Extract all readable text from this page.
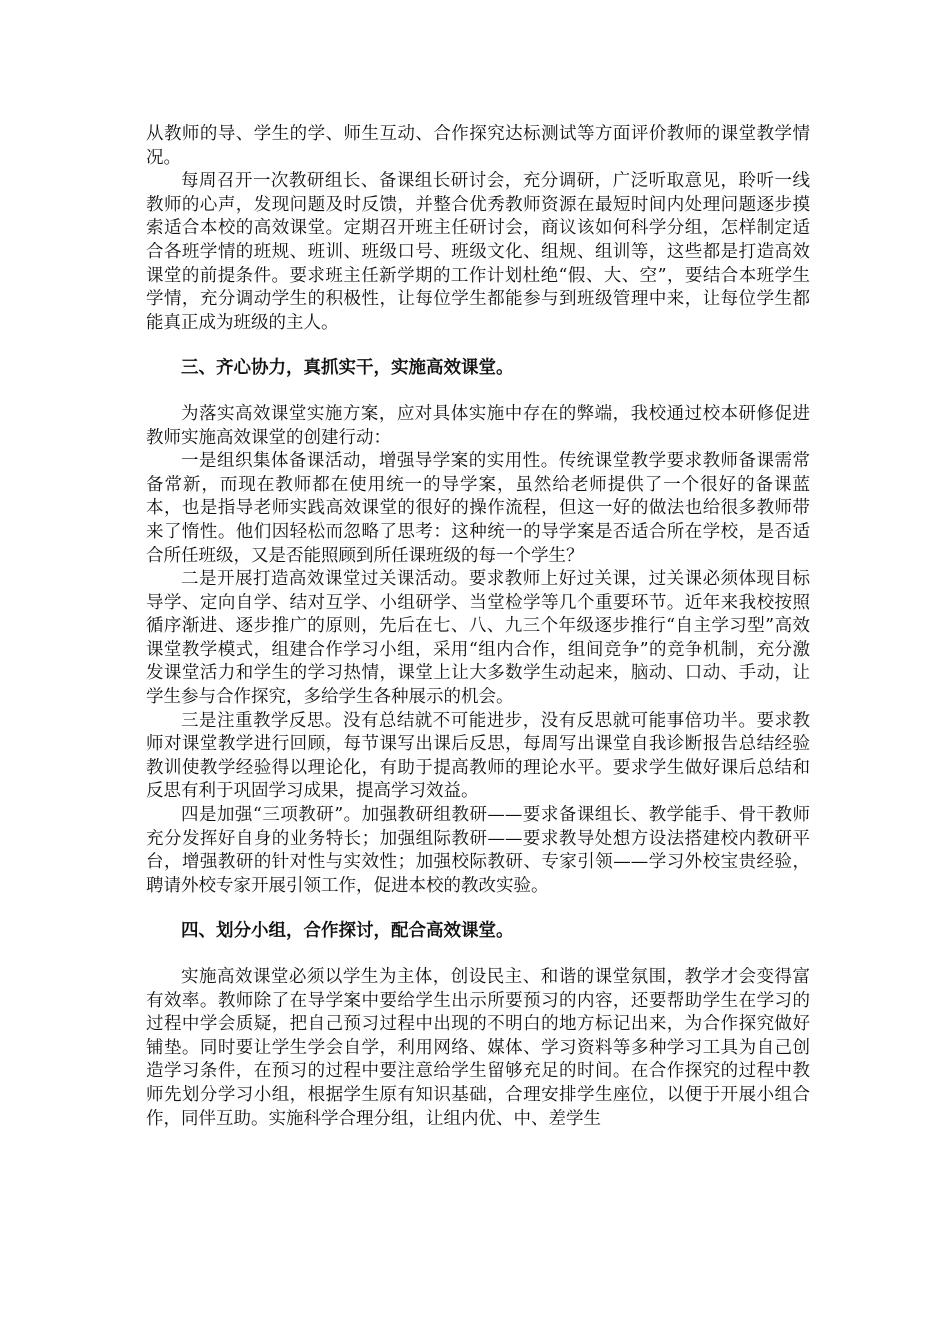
从教师的导、学生的学、师生互动、合作探究达标测试等方面评价教师的课堂教学情况。

每周召开一次教研组长、备课组长研讨会，充分调研，广泛听取意见，聆听一线教师的心声，发现问题及时反馈，并整合优秀教师资源在最短时间内处理问题逐步摸索适合本校的高效课堂。定期召开班主任研讨会，商议该如何科学分组，怎样制定适合各班学情的班规、班训、班级口号、班级文化、组规、组训等，这些都是打造高效课堂的前提条件。要求班主任新学期的工作计划杜绝“假、大、空”，要结合本班学生学情，充分调动学生的积极性，让每位学生都能参与到班级管理中来，让每位学生都能真正成为班级的主人。

三、齐心协力，真抓实干，实施高效课堂。

为落实高效课堂实施方案，应对具体实施中存在的弊端，我校通过校本研修促进教师实施高效课堂的创建行动：

一是组织集体备课活动，增强导学案的实用性。传统课堂教学要求教师备课需常备常新，而现在教师都在使用统一的导学案，虽然给老师提供了一个很好的备课蓝本，也是指导老师实践高效课堂的很好的操作流程，但这一好的做法也给很多教师带来了惰性。他们因轻松而忽略了思考：这种统一的导学案是否适合所在学校，是否适合所任班级，又是否能照顾到所任课班级的每一个学生？

二是开展打造高效课堂过关课活动。要求教师上好过关课，过关课必须体现目标导学、定向自学、结对互学、小组研学、当堂检学等几个重要环节。近年来我校按照循序渐进、逐步推广的原则，先后在七、八、九三个年级逐步推行“自主学习型”高效课堂教学模式，组建合作学习小组，采用“组内合作，组间竞争”的竞争机制，充分激发课堂活力和学生的学习热情，课堂上让大多数学生动起来，脑动、口动、手动，让学生参与合作探究，多给学生各种展示的机会。

三是注重教学反思。没有总结就不可能进步，没有反思就可能事倍功半。要求教师对课堂教学进行回顾，每节课写出课后反思，每周写出课堂自我诊断报告总结经验教训使教学经验得以理论化，有助于提高教师的理论水平。要求学生做好课后总结和反思有利于巩固学习成果，提高学习效益。

四是加强“三项教研”。加强教研组教研——要求备课组长、教学能手、骨干教师充分发挥好自身的业务特长；加强组际教研——要求教导处想方设法搭建校内教研平台，增强教研的针对性与实效性；加强校际教研、专家引领——学习外校宝贵经验，聘请外校专家开展引领工作，促进本校的教改实验。

四、划分小组，合作探讨，配合高效课堂。

实施高效课堂必须以学生为主体，创设民主、和谐的课堂氛围，教学才会变得富有效率。教师除了在导学案中要给学生出示所要预习的内容，还要帮助学生在学习的过程中学会质疑，把自己预习过程中出现的不明白的地方标记出来，为合作探究做好铺垫。同时要让学生学会自学，利用网络、媒体、学习资料等多种学习工具为自己创造学习条件，在预习的过程中要注意给学生留够充足的时间。在合作探究的过程中教师先划分学习小组，根据学生原有知识基础，合理安排学生座位，以便于开展小组合作，同伴互助。实施科学合理分组，让组内优、中、差学生
